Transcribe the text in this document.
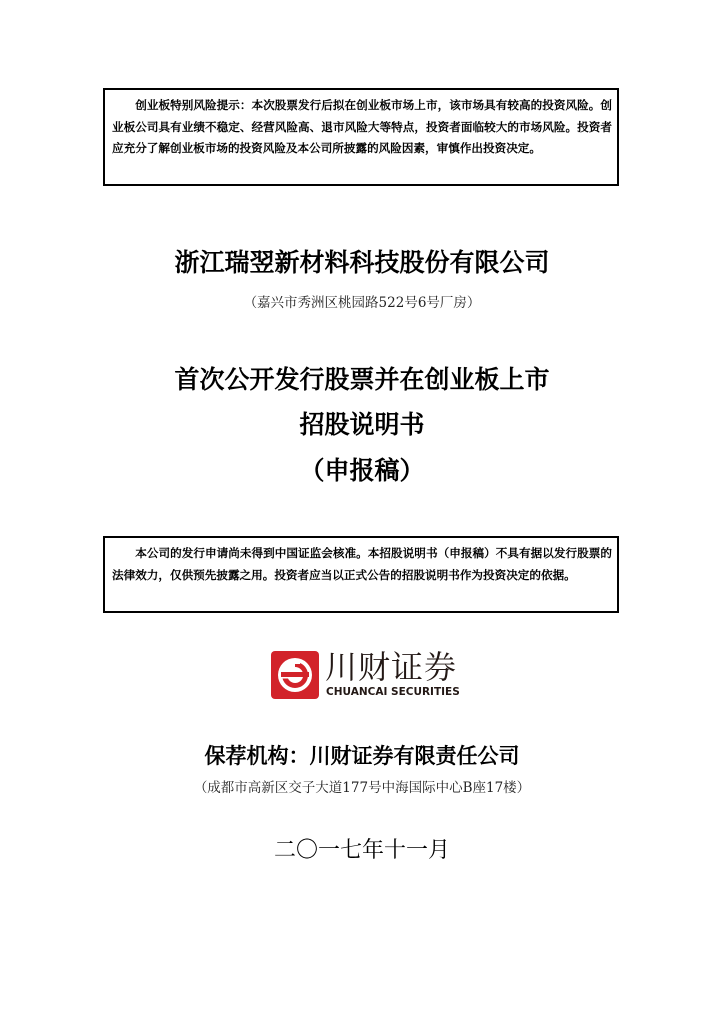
创业板特别风险提示：本次股票发行后拟在创业板市场上市，该市场具有较高的投资风险。创业板公司具有业绩不稳定、经营风险高、退市风险大等特点，投资者面临较大的市场风险。投资者应充分了解创业板市场的投资风险及本公司所披露的风险因素，审慎作出投资决定。
浙江瑞翌新材料科技股份有限公司
（嘉兴市秀洲区桃园路522号6号厂房）
首次公开发行股票并在创业板上市
招股说明书
（申报稿）
本公司的发行申请尚未得到中国证监会核准。本招股说明书（申报稿）不具有据以发行股票的法律效力，仅供预先披露之用。投资者应当以正式公告的招股说明书作为投资决定的依据。
川财证券
CHUANCAI SECURITIES
保荐机构：川财证券有限责任公司
（成都市高新区交子大道177号中海国际中心B座17楼）
二〇一七年十一月
